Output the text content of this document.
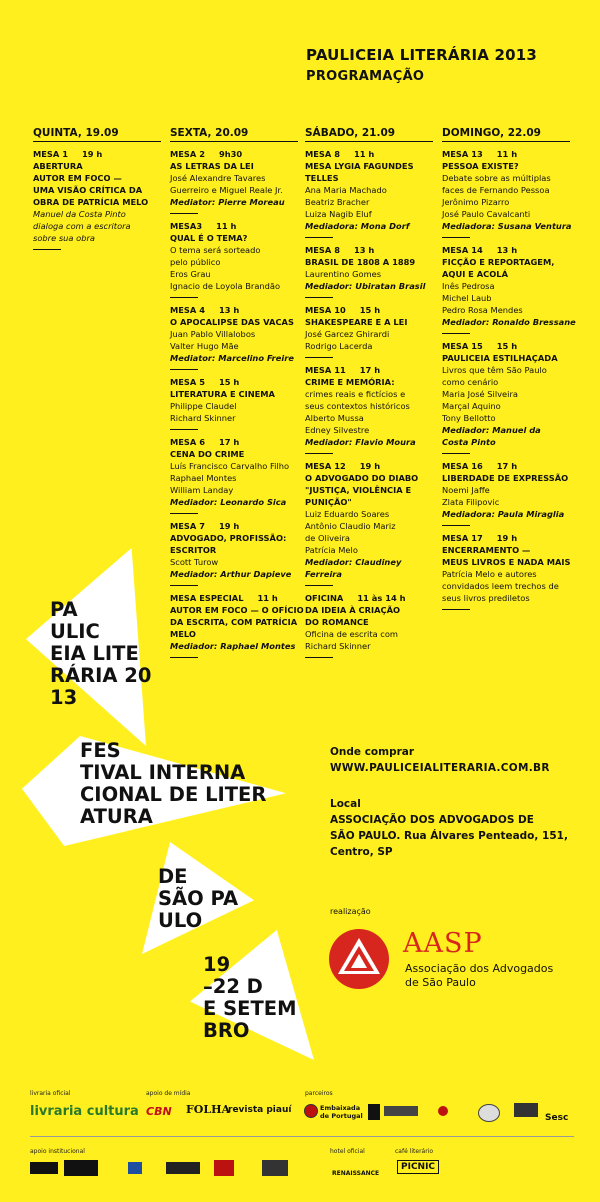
PAULICEIA LITERÁRIA 2013
PROGRAMAÇÃO
QUINTA, 19.09
MESA 1 19 h
ABERTURA
AUTOR EM FOCO —
UMA VISÃO CRÍTICA DA
OBRA DE PATRÍCIA MELO
Manuel da Costa Pinto
dialoga com a escritora
sobre sua obra
SEXTA, 20.09
MESA 2 9h30
AS LETRAS DA LEI
José Alexandre Tavares
Guerreiro e Miguel Reale Jr.
Mediator: Pierre Moreau
MESA3 11 h
QUAL É O TEMA?
O tema será sorteado
pelo público
Eros Grau
Ignacio de Loyola Brandão
MESA 4 13 h
O APOCALIPSE DAS VACAS
Juan Pablo Villalobos
Valter Hugo Mãe
Mediator: Marcelino Freire
MESA 5 15 h
LITERATURA E CINEMA
Philippe Claudel
Richard Skinner
MESA 6 17 h
CENA DO CRIME
Luís Francisco Carvalho Filho
Raphael Montes
William Landay
Mediador: Leonardo Sica
MESA 7 19 h
ADVOGADO, PROFISSÃO:
ESCRITOR
Scott Turow
Mediador: Arthur Dapieve
MESA ESPECIAL 11 h
AUTOR EM FOCO — O OFÍCIO
DA ESCRITA, COM PATRÍCIA
MELO
Mediador: Raphael Montes
SÁBADO, 21.09
MESA 8 11 h
MESA LYGIA FAGUNDES
TELLES
Ana Maria Machado
Beatriz Bracher
Luiza Nagib Eluf
Mediadora: Mona Dorf
MESA 8 13 h
BRASIL DE 1808 A 1889
Laurentino Gomes
Mediador: Ubiratan Brasil
MESA 10 15 h
SHAKESPEARE E A LEI
José Garcez Ghirardi
Rodrigo Lacerda
MESA 11 17 h
CRIME E MEMÓRIA:
crimes reais e fictícios e
seus contextos históricos
Alberto Mussa
Edney Silvestre
Mediador: Flavio Moura
MESA 12 19 h
O ADVOGADO DO DIABO
"JUSTIÇA, VIOLÊNCIA E
PUNIÇÃO"
Luiz Eduardo Soares
Antônio Claudio Mariz
de Oliveira
Patrícia Melo
Mediador: Claudiney
Ferreira
OFICINA 11 às 14 h
DA IDEIA À CRIAÇÃO
DO ROMANCE
Oficina de escrita com
Richard Skinner
DOMINGO, 22.09
MESA 13 11 h
PESSOA EXISTE?
Debate sobre as múltiplas
faces de Fernando Pessoa
Jerônimo Pizarro
José Paulo Cavalcanti
Mediadora: Susana Ventura
MESA 14 13 h
FICÇÃO E REPORTAGEM,
AQUI E ACOLÁ
Inês Pedrosa
Michel Laub
Pedro Rosa Mendes
Mediador: Ronaldo Bressane
MESA 15 15 h
PAULICEIA ESTILHAÇADA
Livros que têm São Paulo
como cenário
Maria José Silveira
Marçal Aquino
Tony Bellotto
Mediador: Manuel da
Costa Pinto
MESA 16 17 h
LIBERDADE DE EXPRESSÃO
Noemi Jaffe
Zlata Filipovic
Mediadora: Paula Miraglia
MESA 17 19 h
ENCERRAMENTO —
MEUS LIVROS E NADA MAIS
Patrícia Melo e autores
convidados leem trechos de
seus livros prediletos
PA
ULIC
EIA LITE
RÁRIA 20
13
FES
TIVAL INTERNA
CIONAL DE LITER
ATURA
DE
SÃO PA
ULO
19
–22 D
E SETEM
BRO
Onde comprar
WWW.PAULICEIALITERARIA.COM.BR
Local
ASSOCIAÇÃO DOS ADVOGADOS DE
SÃO PAULO. Rua Álvares Penteado, 151,
Centro, SP
realização
AASP
Associação dos Advogados
de São Paulo
livraria oficial
livraria cultura
apoio de mídia
CBN FOLHA
revista piauí
parceiros
Embaixada
de Portugal	Sesc
apoio institucional	hotel oficial
RENAISSANCE
café literário
PICNIC
